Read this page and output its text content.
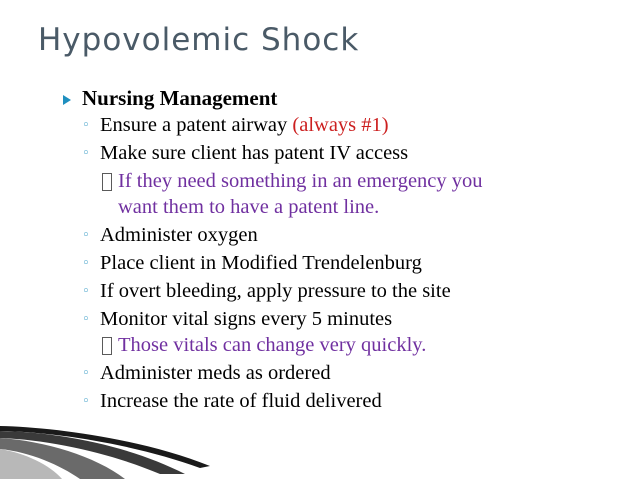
Hypovolemic Shock
Nursing Management
◦ Ensure a patent airway (always #1)
◦ Make sure client has patent IV access
If they need something in an emergency you
want them to have a patent line.
◦ Administer oxygen
◦ Place client in Modified Trendelenburg
◦ If overt bleeding, apply pressure to the site
◦ Monitor vital signs every 5 minutes
Those vitals can change very quickly.
◦ Administer meds as ordered
◦ Increase the rate of fluid delivered
